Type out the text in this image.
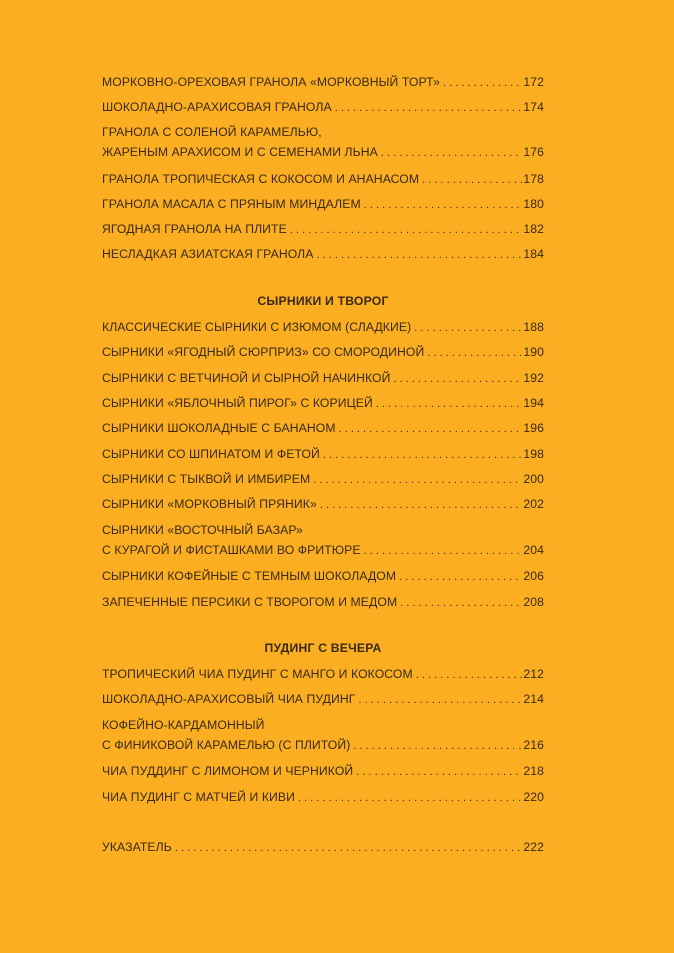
МОРКОВНО-ОРЕХОВАЯ ГРАНОЛА «МОРКОВНЫЙ ТОРТ» . . .	172
ШОКОЛАДНО-АРАХИСОВАЯ ГРАНОЛА . . .	174
ГРАНОЛА С СОЛЕНОЙ КАРАМЕЛЬЮ,
ЖАРЕНЫМ АРАХИСОМ И С СЕМЕНАМИ ЛЬНА . . .	176
ГРАНОЛА ТРОПИЧЕСКАЯ С КОКОСОМ И АНАНАСОМ . . .	178
ГРАНОЛА МАСАЛА С ПРЯНЫМ МИНДАЛЕМ . . .	180
ЯГОДНАЯ ГРАНОЛА НА ПЛИТЕ . . .	182
НЕСЛАДКАЯ АЗИАТСКАЯ ГРАНОЛА . . .	184
СЫРНИКИ И ТВОРОГ
КЛАССИЧЕСКИЕ СЫРНИКИ С ИЗЮМОМ (СЛАДКИЕ) . . .	188
СЫРНИКИ «ЯГОДНЫЙ СЮРПРИЗ» СО СМОРОДИНОЙ . . .	190
СЫРНИКИ С ВЕТЧИНОЙ И СЫРНОЙ НАЧИНКОЙ . . .	192
СЫРНИКИ «ЯБЛОЧНЫЙ ПИРОГ» С КОРИЦЕЙ . . .	194
СЫРНИКИ ШОКОЛАДНЫЕ С БАНАНОМ . . .	196
СЫРНИКИ СО ШПИНАТОМ И ФЕТОЙ . . .	198
СЫРНИКИ С ТЫКВОЙ И ИМБИРЕМ . . .	200
СЫРНИКИ «МОРКОВНЫЙ ПРЯНИК» . . .	202
СЫРНИКИ «ВОСТОЧНЫЙ БАЗАР»
С КУРАГОЙ И ФИСТАШКАМИ ВО ФРИТЮРЕ . . .	204
СЫРНИКИ КОФЕЙНЫЕ С ТЕМНЫМ ШОКОЛАДОМ . . .	206
ЗАПЕЧЕННЫЕ ПЕРСИКИ С ТВОРОГОМ И МЕДОМ . . .	208
ПУДИНГ С ВЕЧЕРА
ТРОПИЧЕСКИЙ ЧИА ПУДИНГ С МАНГО И КОКОСОМ . . .	212
ШОКОЛАДНО-АРАХИСОВЫЙ ЧИА ПУДИНГ . . .	214
КОФЕЙНО-КАРДАМОННЫЙ
С ФИНИКОВОЙ КАРАМЕЛЬЮ (С ПЛИТОЙ) . . .	216
ЧИА ПУДДИНГ С ЛИМОНОМ И ЧЕРНИКОЙ . . .	218
ЧИА ПУДИНГ С МАТЧЕЙ И КИВИ . . .	220
УКАЗАТЕЛЬ . . .	222
